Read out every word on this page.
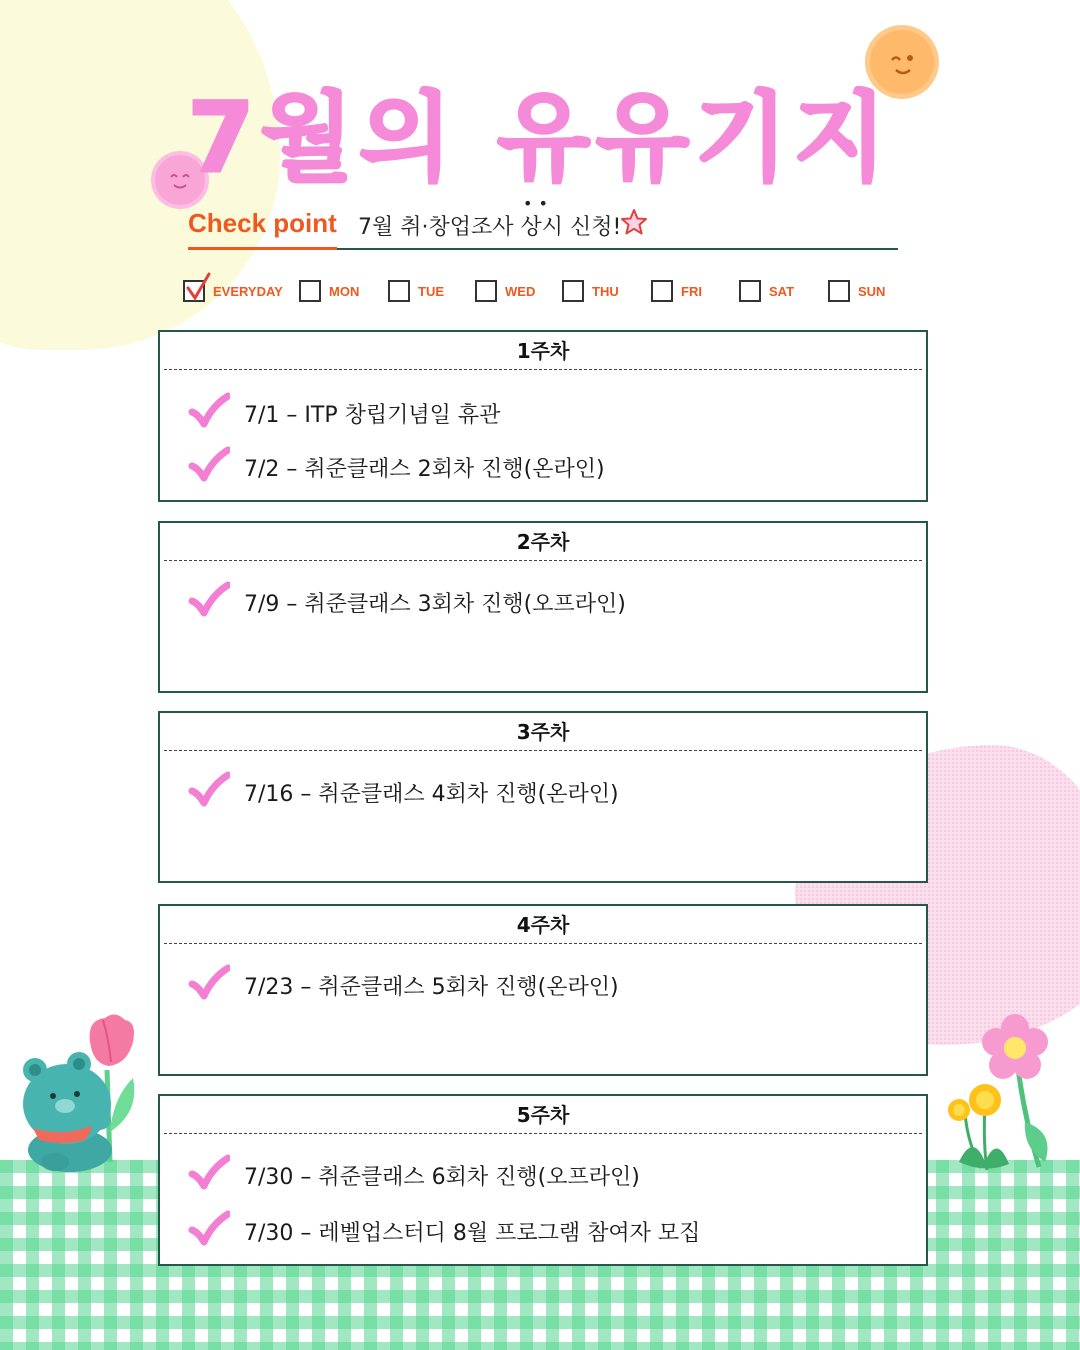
7월의 유유기지
Check point 7월 취·창업조사 상시 신청!
••
EVERYDAY	MON	TUE	WED	THU	FRI	SAT	SUN
1주차
7/1 – ITP 창립기념일 휴관
7/2 – 취준클래스 2회차 진행(온라인)
2주차
7/9 – 취준클래스 3회차 진행(오프라인)
3주차
7/16 – 취준클래스 4회차 진행(온라인)
4주차
7/23 – 취준클래스 5회차 진행(온라인)
5주차
7/30 – 취준클래스 6회차 진행(오프라인)
7/30 – 레벨업스터디 8월 프로그램 참여자 모집
